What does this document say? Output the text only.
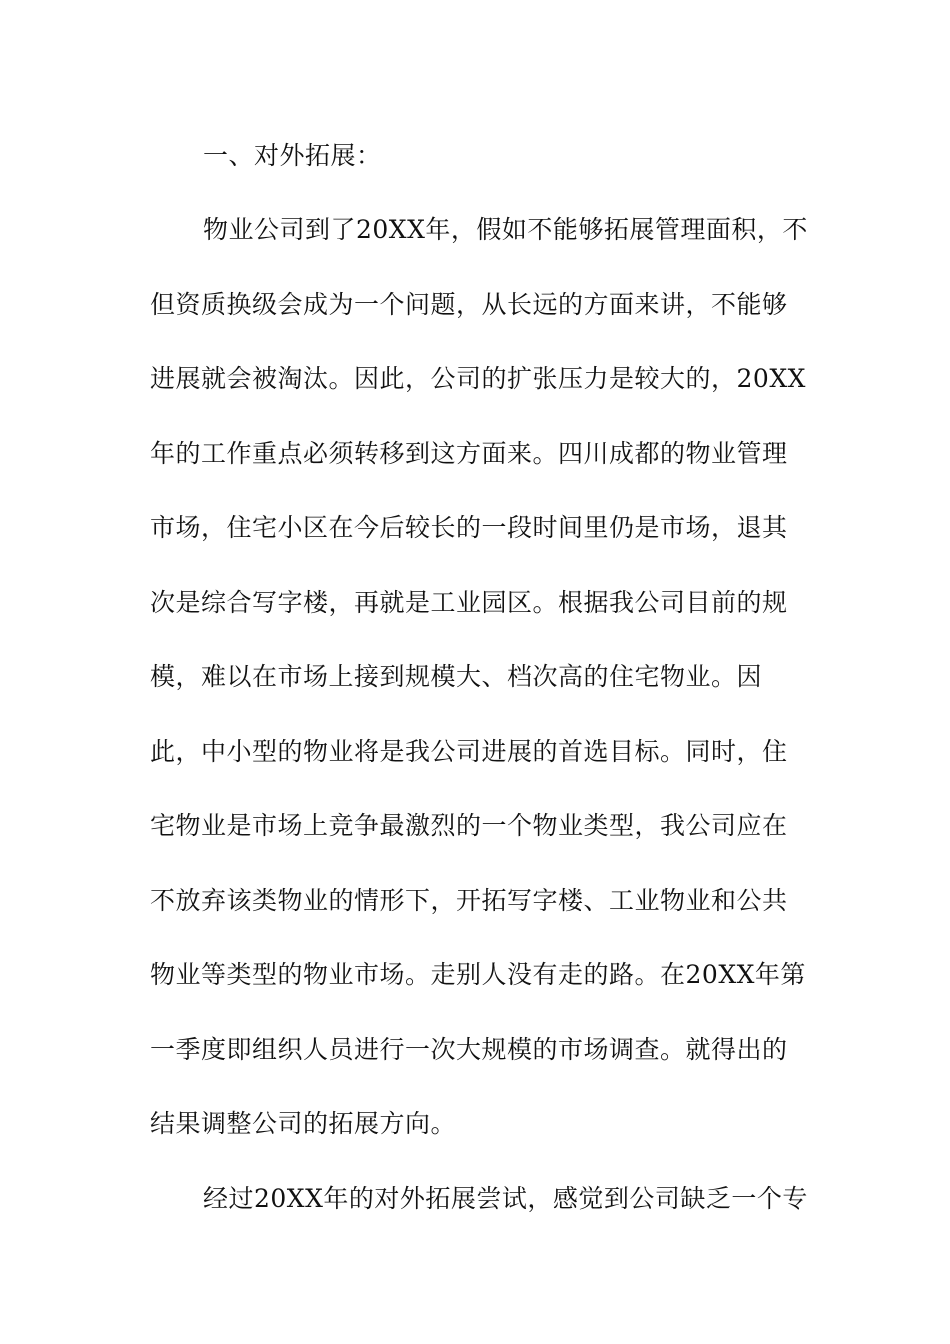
一、对外拓展：
物业公司到了20XX年，假如不能够拓展管理面积，不
但资质换级会成为一个问题，从长远的方面来讲，不能够
进展就会被淘汰。因此，公司的扩张压力是较大的，20XX
年的工作重点必须转移到这方面来。四川成都的物业管理
市场，住宅小区在今后较长的一段时间里仍是市场，退其
次是综合写字楼，再就是工业园区。根据我公司目前的规
模，难以在市场上接到规模大、档次高的住宅物业。因
此，中小型的物业将是我公司进展的首选目标。同时，住
宅物业是市场上竞争最激烈的一个物业类型，我公司应在
不放弃该类物业的情形下，开拓写字楼、工业物业和公共
物业等类型的物业市场。走别人没有走的路。在20XX年第
一季度即组织人员进行一次大规模的市场调查。就得出的
结果调整公司的拓展方向。
经过20XX年的对外拓展尝试，感觉到公司缺乏一个专
